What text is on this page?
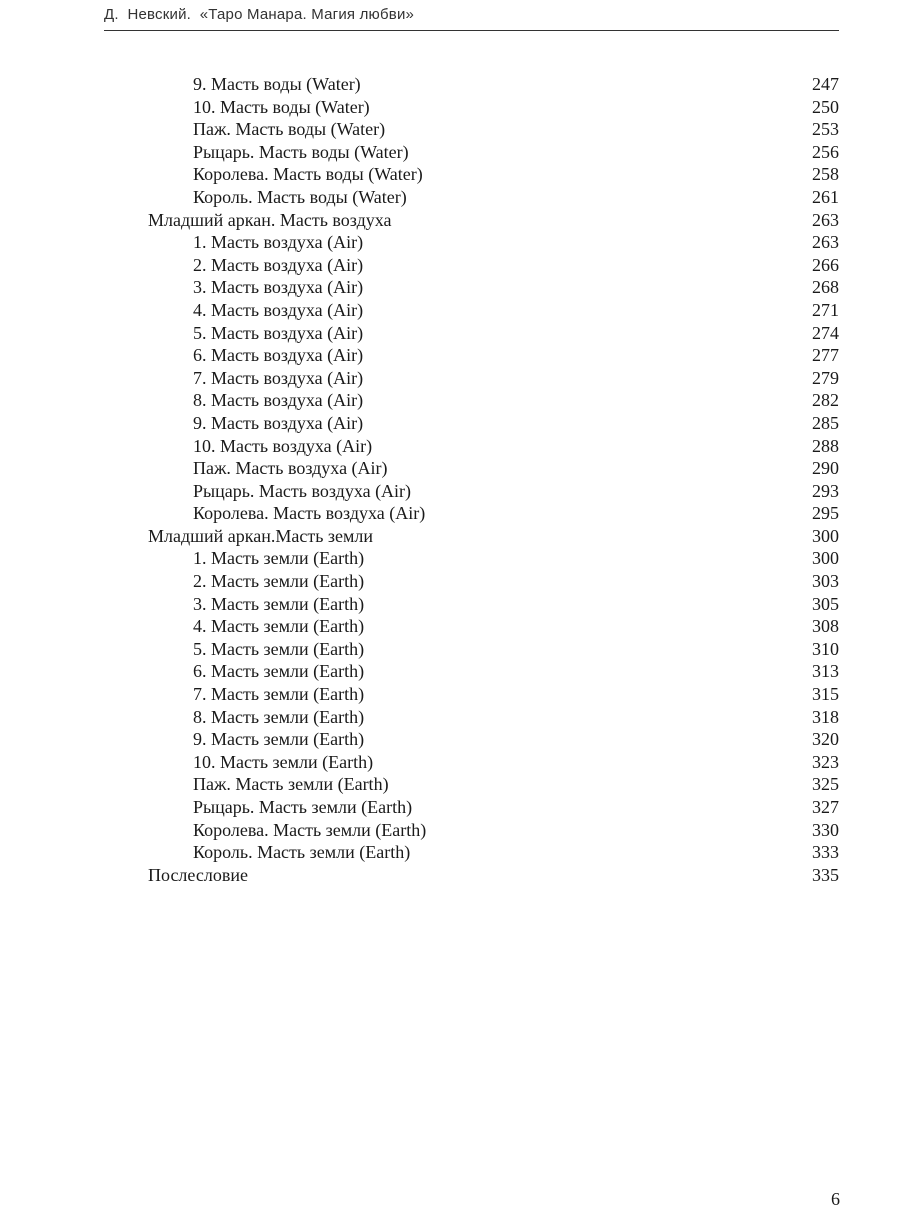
Д.  Невский.  «Таро Манара. Магия любви»
9. Масть воды (Water)	247
10. Масть воды (Water)	250
Паж. Масть воды (Water)	253
Рыцарь. Масть воды (Water)	256
Королева. Масть воды (Water)	258
Король. Масть воды (Water)	261
Младший аркан. Масть воздуха	263
1. Масть воздуха (Air)	263
2. Масть воздуха (Air)	266
3. Масть воздуха (Air)	268
4. Масть воздуха (Air)	271
5. Масть воздуха (Air)	274
6. Масть воздуха (Air)	277
7. Масть воздуха (Air)	279
8. Масть воздуха (Air)	282
9. Масть воздуха (Air)	285
10. Масть воздуха (Air)	288
Паж. Масть воздуха (Air)	290
Рыцарь. Масть воздуха (Air)	293
Королева. Масть воздуха (Air)	295
Младший аркан.Масть земли	300
1. Масть земли (Earth)	300
2. Масть земли (Earth)	303
3. Масть земли (Earth)	305
4. Масть земли (Earth)	308
5. Масть земли (Earth)	310
6. Масть земли (Earth)	313
7. Масть земли (Earth)	315
8. Масть земли (Earth)	318
9. Масть земли (Earth)	320
10. Масть земли (Earth)	323
Паж. Масть земли (Earth)	325
Рыцарь. Масть земли (Earth)	327
Королева. Масть земли (Earth)	330
Король. Масть земли (Earth)	333
Послесловие	335
6
